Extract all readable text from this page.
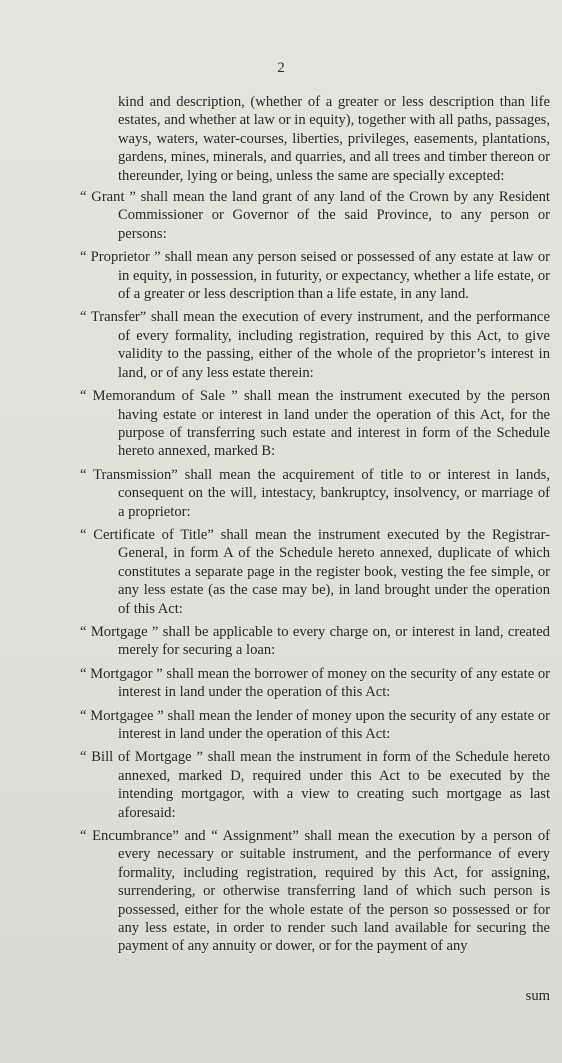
2

kind and description, (whether of a greater or less description than life estates, and whether at law or in equity), together with all paths, passages, ways, waters, water-courses, liberties, privileges, easements, plantations, gardens, mines, minerals, and quarries, and all trees and timber thereon or thereunder, lying or being, unless the same are specially excepted:

“ Grant ” shall mean the land grant of any land of the Crown by any Resident Commissioner or Governor of the said Province, to any person or persons:
“ Proprietor ” shall mean any person seised or possessed of any estate at law or in equity, in possession, in futurity, or expectancy, whether a life estate, or of a greater or less description than a life estate, in any land.
“ Transfer” shall mean the execution of every instrument, and the performance of every formality, including registration, required by this Act, to give validity to the passing, either of the whole of the proprietor’s interest in land, or of any less estate therein:
“ Memorandum of Sale ” shall mean the instrument executed by the person having estate or interest in land under the operation of this Act, for the purpose of transferring such estate and interest in form of the Schedule hereto annexed, marked B:
“ Transmission” shall mean the acquirement of title to or interest in lands, consequent on the will, intestacy, bankruptcy, insolvency, or marriage of a proprietor:
“ Certificate of Title” shall mean the instrument executed by the Registrar-General, in form A of the Schedule hereto annexed, duplicate of which constitutes a separate page in the register book, vesting the fee simple, or any less estate (as the case may be), in land brought under the operation of this Act:
“ Mortgage ” shall be applicable to every charge on, or interest in land, created merely for securing a loan:
“ Mortgagor ” shall mean the borrower of money on the security of any estate or interest in land under the operation of this Act:
“ Mortgagee ” shall mean the lender of money upon the security of any estate or interest in land under the operation of this Act:
“ Bill of Mortgage ” shall mean the instrument in form of the Schedule hereto annexed, marked D, required under this Act to be executed by the intending mortgagor, with a view to creating such mortgage as last aforesaid:
“ Encumbrance” and “ Assignment” shall mean the execution by a person of every necessary or suitable instrument, and the performance of every formality, including registration, required by this Act, for assigning, surrendering, or otherwise transferring land of which such person is possessed, either for the whole estate of the person so possessed or for any less estate, in order to render such land available for securing the payment of any annuity or dower, or for the payment of any
sum
